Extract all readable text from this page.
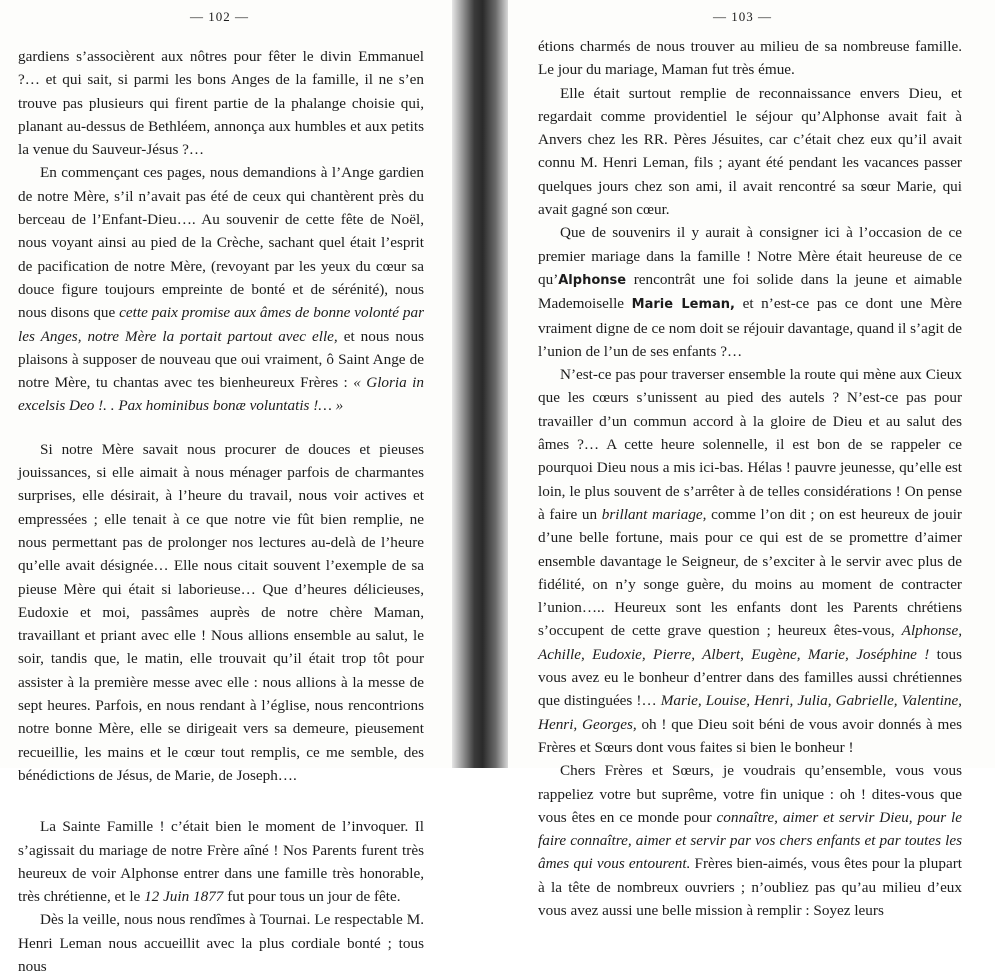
— 102 —

gardiens s’associèrent aux nôtres pour fêter le divin Emmanuel ?… et qui sait, si parmi les bons Anges de la famille, il ne s’en trouve pas plusieurs qui firent partie de la phalange choisie qui, planant au-dessus de Bethléem, annonça aux humbles et aux petits la venue du Sauveur-Jésus ?…

En commençant ces pages, nous demandions à l’Ange gardien de notre Mère, s’il n’avait pas été de ceux qui chantèrent près du berceau de l’Enfant-Dieu…. Au souvenir de cette fête de Noël, nous voyant ainsi au pied de la Crèche, sachant quel était l’esprit de pacification de notre Mère, (revoyant par les yeux du cœur sa douce figure toujours empreinte de bonté et de sérénité), nous nous disons que cette paix promise aux âmes de bonne volonté par les Anges, notre Mère la portait partout avec elle, et nous nous plaisons à supposer de nouveau que oui vraiment, ô Saint Ange de notre Mère, tu chantas avec tes bienheureux Frères : « Gloria in excelsis Deo !. . Pax hominibus bonæ voluntatis !… »

Si notre Mère savait nous procurer de douces et pieuses jouissances, si elle aimait à nous ménager parfois de charmantes surprises, elle désirait, à l’heure du travail, nous voir actives et empressées ; elle tenait à ce que notre vie fût bien remplie, ne nous permettant pas de prolonger nos lectures au-delà de l’heure qu’elle avait désignée… Elle nous citait souvent l’exemple de sa pieuse Mère qui était si laborieuse… Que d’heures délicieuses, Eudoxie et moi, passâmes auprès de notre chère Maman, travaillant et priant avec elle ! Nous allions ensemble au salut, le soir, tandis que, le matin, elle trouvait qu’il était trop tôt pour assister à la première messe avec elle : nous allions à la messe de sept heures. Parfois, en nous rendant à l’église, nous rencontrions notre bonne Mère, elle se dirigeait vers sa demeure, pieusement recueillie, les mains et le cœur tout remplis, ce me semble, des bénédictions de Jésus, de Marie, de Joseph….

La Sainte Famille ! c’était bien le moment de l’invoquer. Il s’agissait du mariage de notre Frère aîné ! Nos Parents furent très heureux de voir Alphonse entrer dans une famille très honorable, très chrétienne, et le 12 Juin 1877 fut pour tous un jour de fête.

Dès la veille, nous nous rendîmes à Tournai. Le respectable M. Henri Leman nous accueillit avec la plus cordiale bonté ; tous nous

— 103 —

étions charmés de nous trouver au milieu de sa nombreuse famille. Le jour du mariage, Maman fut très émue.

Elle était surtout remplie de reconnaissance envers Dieu, et regardait comme providentiel le séjour qu’Alphonse avait fait à Anvers chez les RR. Pères Jésuites, car c’était chez eux qu’il avait connu M. Henri Leman, fils ; ayant été pendant les vacances passer quelques jours chez son ami, il avait rencontré sa sœur Marie, qui avait gagné son cœur.

Que de souvenirs il y aurait à consigner ici à l’occasion de ce premier mariage dans la famille ! Notre Mère était heureuse de ce qu’Alphonse rencontrât une foi solide dans la jeune et aimable Mademoiselle Marie Leman, et n’est-ce pas ce dont une Mère vraiment digne de ce nom doit se réjouir davantage, quand il s’agit de l’union de l’un de ses enfants ?…

N’est-ce pas pour traverser ensemble la route qui mène aux Cieux que les cœurs s’unissent au pied des autels ? N’est-ce pas pour travailler d’un commun accord à la gloire de Dieu et au salut des âmes ?… A cette heure solennelle, il est bon de se rappeler ce pourquoi Dieu nous a mis ici-bas. Hélas ! pauvre jeunesse, qu’elle est loin, le plus souvent de s’arrêter à de telles considérations ! On pense à faire un brillant mariage, comme l’on dit ; on est heureux de jouir d’une belle fortune, mais pour ce qui est de se promettre d’aimer ensemble davantage le Seigneur, de s’exciter à le servir avec plus de fidélité, on n’y songe guère, du moins au moment de contracter l’union….. Heureux sont les enfants dont les Parents chrétiens s’occupent de cette grave question ; heureux êtes-vous, Alphonse, Achille, Eudoxie, Pierre, Albert, Eugène, Marie, Joséphine ! tous vous avez eu le bonheur d’entrer dans des familles aussi chrétiennes que distinguées !… Marie, Louise, Henri, Julia, Gabrielle, Valentine, Henri, Georges, oh ! que Dieu soit béni de vous avoir donnés à mes Frères et Sœurs dont vous faites si bien le bonheur !

Chers Frères et Sœurs, je voudrais qu’ensemble, vous vous rappeliez votre but suprême, votre fin unique : oh ! dites-vous que vous êtes en ce monde pour connaître, aimer et servir Dieu, pour le faire connaître, aimer et servir par vos chers enfants et par toutes les âmes qui vous entourent. Frères bien-aimés, vous êtes pour la plupart à la tête de nombreux ouvriers ; n’oubliez pas qu’au milieu d’eux vous avez aussi une belle mission à remplir : Soyez leurs
